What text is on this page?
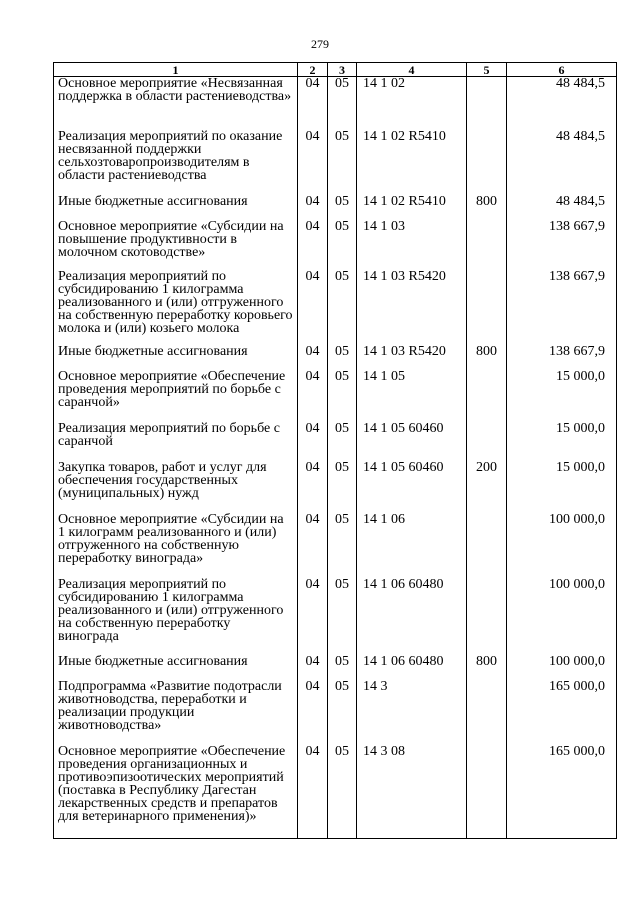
279
1	2	3	4	5	6
Основное мероприятие «Несвязанная поддержка в области растениеводства»	04	05	14 1 02		48 484,5
Реализация мероприятий по оказание несвязанной поддержки сельхозтоваропроизводителям в области растениеводства	04	05	14 1 02 R5410		48 484,5
Иные бюджетные ассигнования	04	05	14 1 02 R5410	800	48 484,5
Основное мероприятие «Субсидии на повышение продуктивности в молочном скотоводстве»	04	05	14 1 03		138 667,9
Реализация мероприятий по субсидированию 1 килограмма реализованного и (или) отгруженного на собственную переработку коровьего молока и (или) козьего молока	04	05	14 1 03 R5420		138 667,9
Иные бюджетные ассигнования	04	05	14 1 03 R5420	800	138 667,9
Основное мероприятие «Обеспечение проведения мероприятий по борьбе с саранчой»	04	05	14 1 05		15 000,0
Реализация мероприятий по борьбе с саранчой	04	05	14 1 05 60460		15 000,0
Закупка товаров, работ и услуг для обеспечения государственных (муниципальных) нужд	04	05	14 1 05 60460	200	15 000,0
Основное мероприятие «Субсидии на 1 килограмм реализованного и (или) отгруженного на собственную переработку винограда»	04	05	14 1 06		100 000,0
Реализация мероприятий по субсидированию 1 килограмма реализованного и (или) отгруженного на собственную переработку винограда	04	05	14 1 06 60480		100 000,0
Иные бюджетные ассигнования	04	05	14 1 06 60480	800	100 000,0
Подпрограмма «Развитие подотрасли животноводства, переработки и реализации продукции животноводства»	04	05	14 3		165 000,0
Основное мероприятие «Обеспечение проведения организационных и противоэпизоотических мероприятий (поставка в Республику Дагестан лекарственных средств и препаратов для ветеринарного применения)»	04	05	14 3 08		165 000,0
